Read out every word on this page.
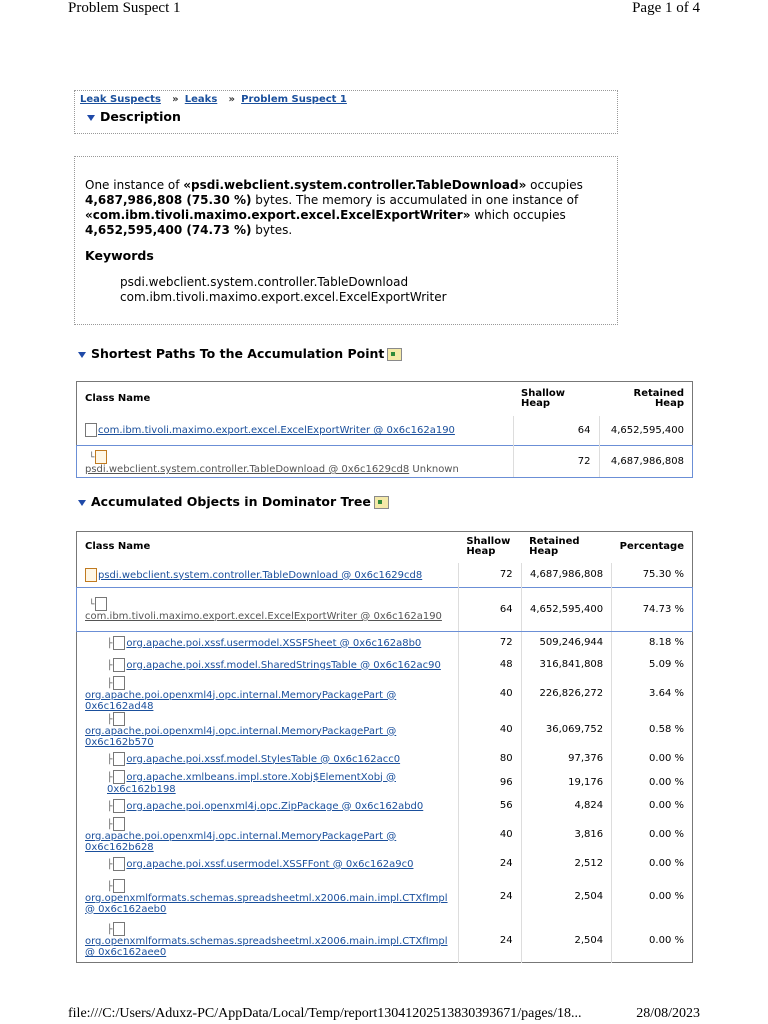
Problem Suspect 1	Page 1 of 4
Leak Suspects » Leaks » Problem Suspect 1
Description
One instance of «psdi.webclient.system.controller.TableDownload» occupies 4,687,986,808 (75.30 %) bytes. The memory is accumulated in one instance of «com.ibm.tivoli.maximo.export.excel.ExcelExportWriter» which occupies 4,652,595,400 (74.73 %) bytes.
Keywords
psdi.webclient.system.controller.TableDownload
com.ibm.tivoli.maximo.export.excel.ExcelExportWriter
Shortest Paths To the Accumulation Point
Class Name	Shallow Heap	Retained Heap
com.ibm.tivoli.maximo.export.excel.ExcelExportWriter @ 0x6c162a190	64	4,652,595,400

└
psdi.webclient.system.controller.TableDownload @ 0x6c1629cd8 Unknown	72	4,687,986,808
Accumulated Objects in Dominator Tree
Class Name	Shallow Heap	Retained Heap	Percentage
psdi.webclient.system.controller.TableDownload @ 0x6c1629cd8	72	4,687,986,808	75.30 %

└
com.ibm.tivoli.maximo.export.excel.ExcelExportWriter @ 0x6c162a190	64	4,652,595,400	74.73 %
├ org.apache.poi.xssf.usermodel.XSSFSheet @ 0x6c162a8b0	72	509,246,944	8.18 %
├ org.apache.poi.xssf.model.SharedStringsTable @ 0x6c162ac90	48	316,841,808	5.09 %

├
org.apache.poi.openxml4j.opc.internal.MemoryPackagePart @ 0x6c162ad48	40	226,826,272	3.64 %

├
org.apache.poi.openxml4j.opc.internal.MemoryPackagePart @ 0x6c162b570	40	36,069,752	0.58 %
├ org.apache.poi.xssf.model.StylesTable @ 0x6c162acc0	80	97,376	0.00 %
├ org.apache.xmlbeans.impl.store.Xobj$ElementXobj @ 0x6c162b198	96	19,176	0.00 %
├ org.apache.poi.openxml4j.opc.ZipPackage @ 0x6c162abd0	56	4,824	0.00 %

├
org.apache.poi.openxml4j.opc.internal.MemoryPackagePart @ 0x6c162b628	40	3,816	0.00 %
├ org.apache.poi.xssf.usermodel.XSSFFont @ 0x6c162a9c0	24	2,512	0.00 %

├
org.openxmlformats.schemas.spreadsheetml.x2006.main.impl.CTXfImpl @ 0x6c162aeb0	24	2,504	0.00 %

├
org.openxmlformats.schemas.spreadsheetml.x2006.main.impl.CTXfImpl @ 0x6c162aee0	24	2,504	0.00 %
file:///C:/Users/Aduxz-PC/AppData/Local/Temp/report13041202513830393671/pages/18...	28/08/2023
